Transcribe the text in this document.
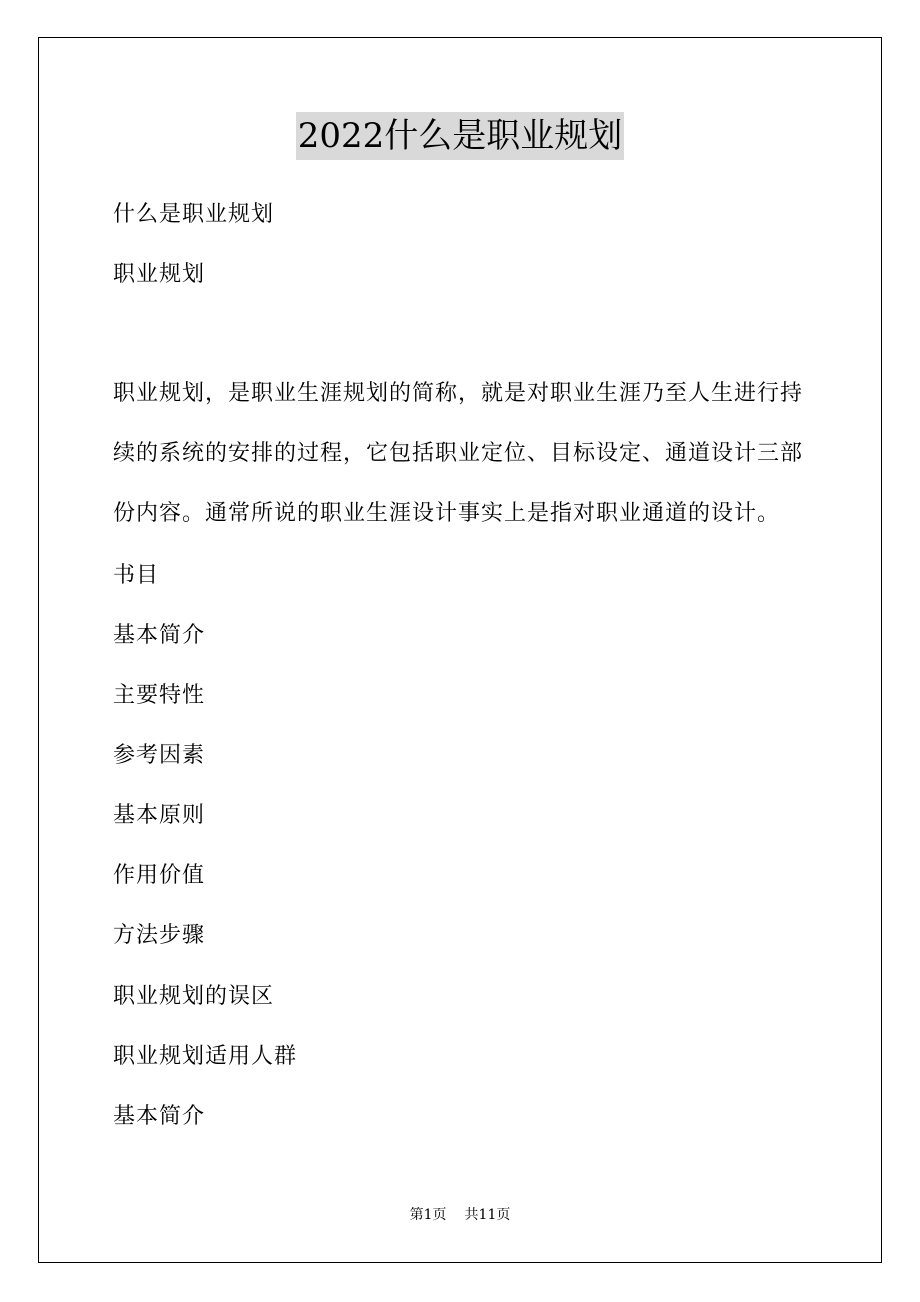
2022什么是职业规划

什么是职业规划

职业规划

职业规划，是职业生涯规划的简称，就是对职业生涯乃至人生进行持
续的系统的安排的过程，它包括职业定位、目标设定、通道设计三部
份内容。通常所说的职业生涯设计事实上是指对职业通道的设计。

书目

基本简介

主要特性

参考因素

基本原则

作用价值

方法步骤

职业规划的误区

职业规划适用人群

基本简介

第1页 共11页
